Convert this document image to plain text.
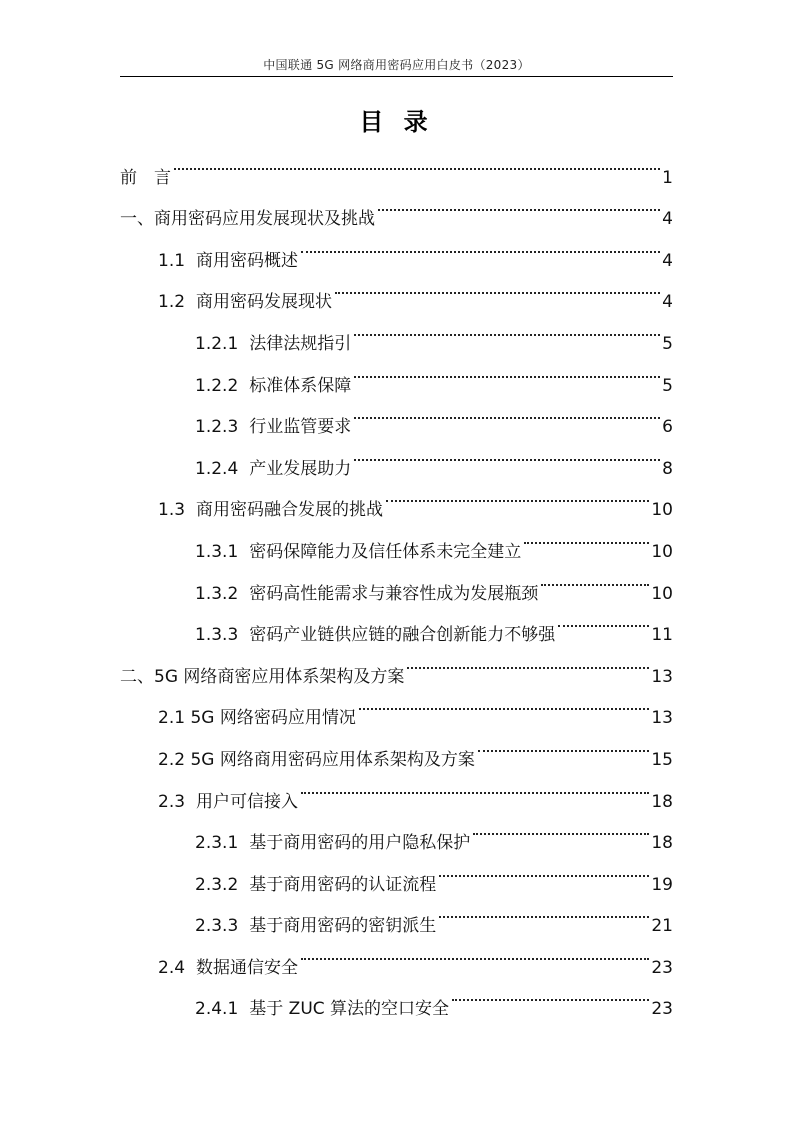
中国联通 5G 网络商用密码应用白皮书（2023）
目 录
前　言	1
一、商用密码应用发展现状及挑战	4
1.1 商用密码概述	4
1.2 商用密码发展现状	4
1.2.1 法律法规指引	5
1.2.2 标准体系保障	5
1.2.3 行业监管要求	6
1.2.4 产业发展助力	8
1.3 商用密码融合发展的挑战	10
1.3.1 密码保障能力及信任体系未完全建立	10
1.3.2 密码高性能需求与兼容性成为发展瓶颈	10
1.3.3 密码产业链供应链的融合创新能力不够强	11
二、5G 网络商密应用体系架构及方案	13
2.1 5G 网络密码应用情况	13
2.2 5G 网络商用密码应用体系架构及方案	15
2.3 用户可信接入	18
2.3.1 基于商用密码的用户隐私保护	18
2.3.2 基于商用密码的认证流程	19
2.3.3 基于商用密码的密钥派生	21
2.4 数据通信安全	23
2.4.1 基于 ZUC 算法的空口安全	23
